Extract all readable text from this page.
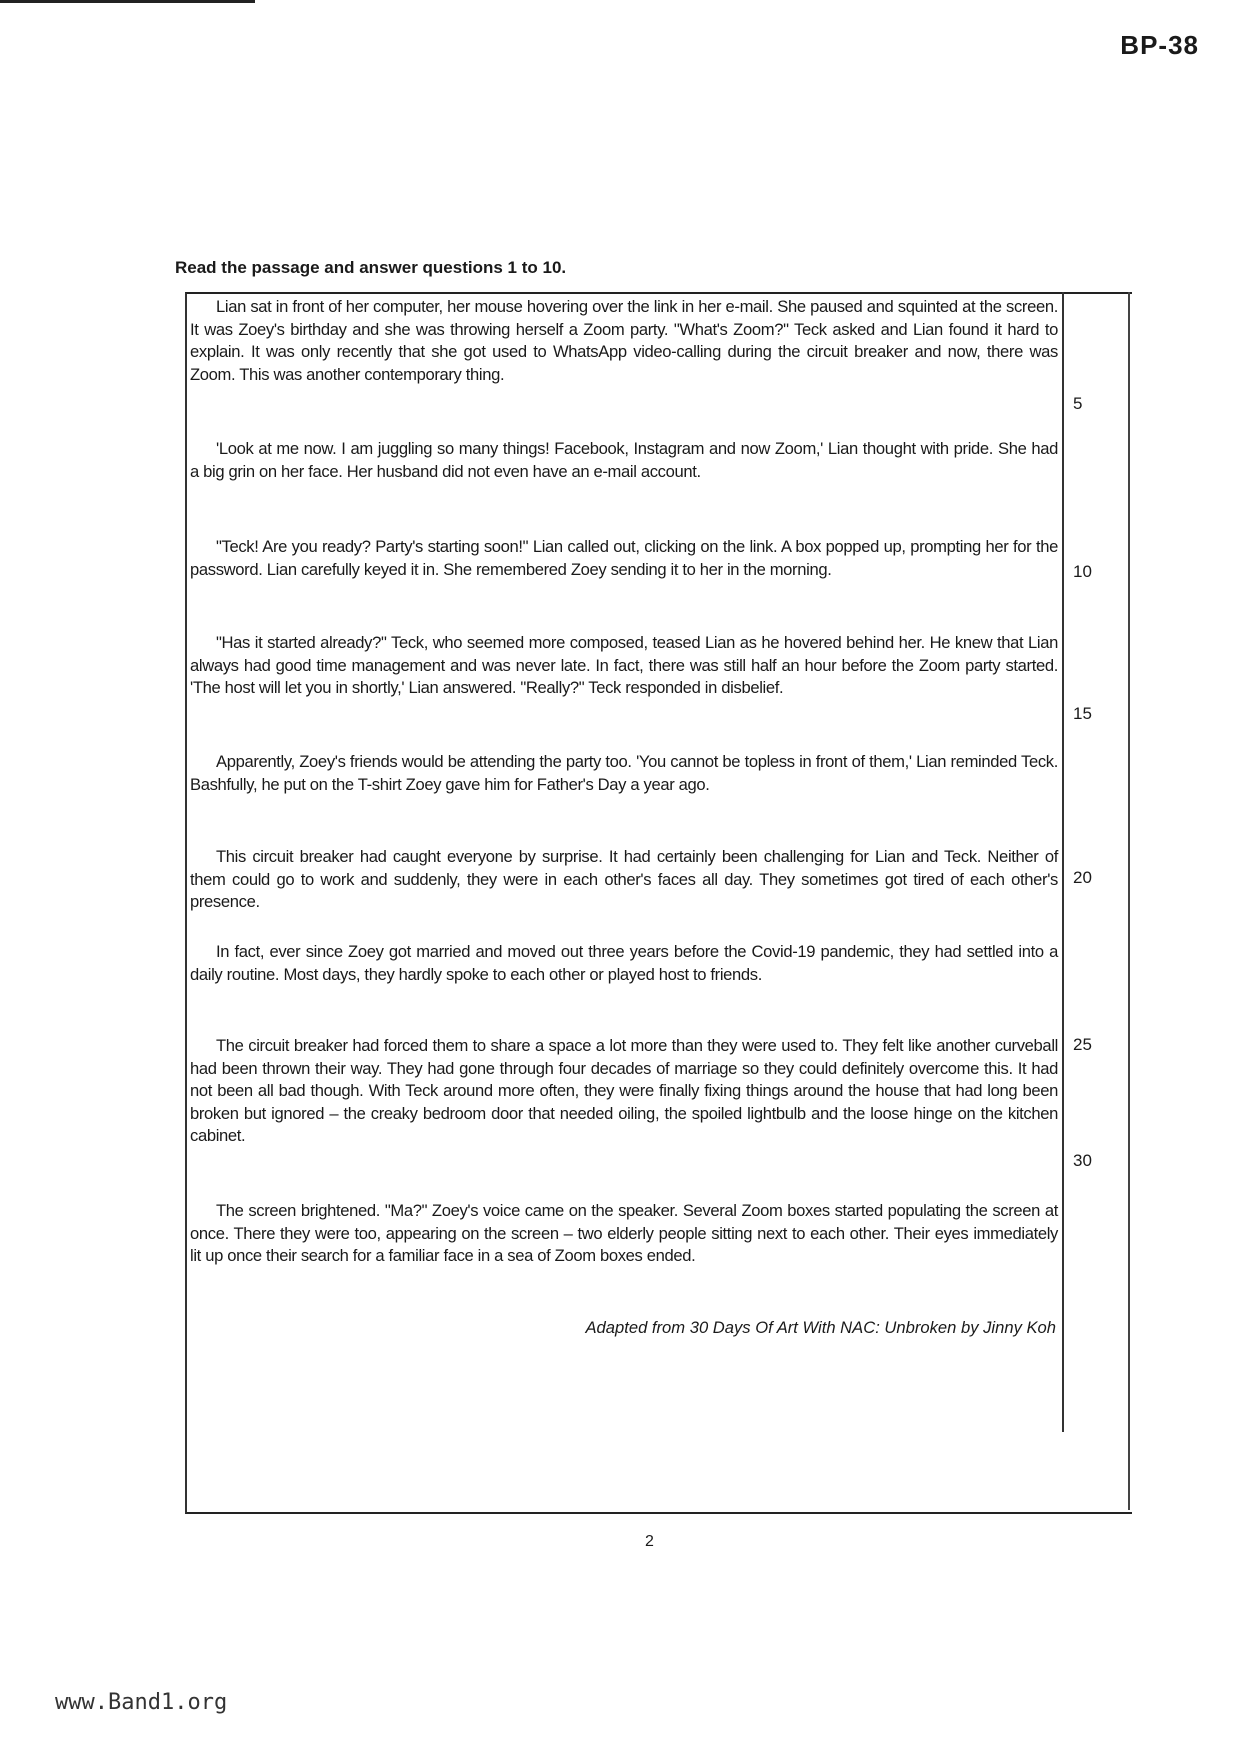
BP-38
Read the passage and answer questions 1 to 10.

Lian sat in front of her computer, her mouse hovering over the link in her e-mail. She paused and squinted at the screen. It was Zoey's birthday and she was throwing herself a Zoom party. "What's Zoom?" Teck asked and Lian found it hard to explain. It was only recently that she got used to WhatsApp video-calling during the circuit breaker and now, there was Zoom. This was another contemporary thing.

'Look at me now. I am juggling so many things! Facebook, Instagram and now Zoom,' Lian thought with pride. She had a big grin on her face. Her husband did not even have an e-mail account.

"Teck! Are you ready? Party's starting soon!" Lian called out, clicking on the link. A box popped up, prompting her for the password. Lian carefully keyed it in. She remembered Zoey sending it to her in the morning.

"Has it started already?" Teck, who seemed more composed, teased Lian as he hovered behind her. He knew that Lian always had good time management and was never late. In fact, there was still half an hour before the Zoom party started. 'The host will let you in shortly,' Lian answered. "Really?" Teck responded in disbelief.

Apparently, Zoey's friends would be attending the party too. 'You cannot be topless in front of them,' Lian reminded Teck. Bashfully, he put on the T-shirt Zoey gave him for Father's Day a year ago.

This circuit breaker had caught everyone by surprise. It had certainly been challenging for Lian and Teck. Neither of them could go to work and suddenly, they were in each other's faces all day. They sometimes got tired of each other's presence.

In fact, ever since Zoey got married and moved out three years before the Covid-19 pandemic, they had settled into a daily routine. Most days, they hardly spoke to each other or played host to friends.

The circuit breaker had forced them to share a space a lot more than they were used to. They felt like another curveball had been thrown their way. They had gone through four decades of marriage so they could definitely overcome this. It had not been all bad though. With Teck around more often, they were finally fixing things around the house that had long been broken but ignored – the creaky bedroom door that needed oiling, the spoiled lightbulb and the loose hinge on the kitchen cabinet.

The screen brightened. "Ma?" Zoey's voice came on the speaker. Several Zoom boxes started populating the screen at once. There they were too, appearing on the screen – two elderly people sitting next to each other. Their eyes immediately lit up once their search for a familiar face in a sea of Zoom boxes ended.

5
10
15
20
25
30
Adapted from 30 Days Of Art With NAC: Unbroken by Jinny Koh
2
www.Band1.org
